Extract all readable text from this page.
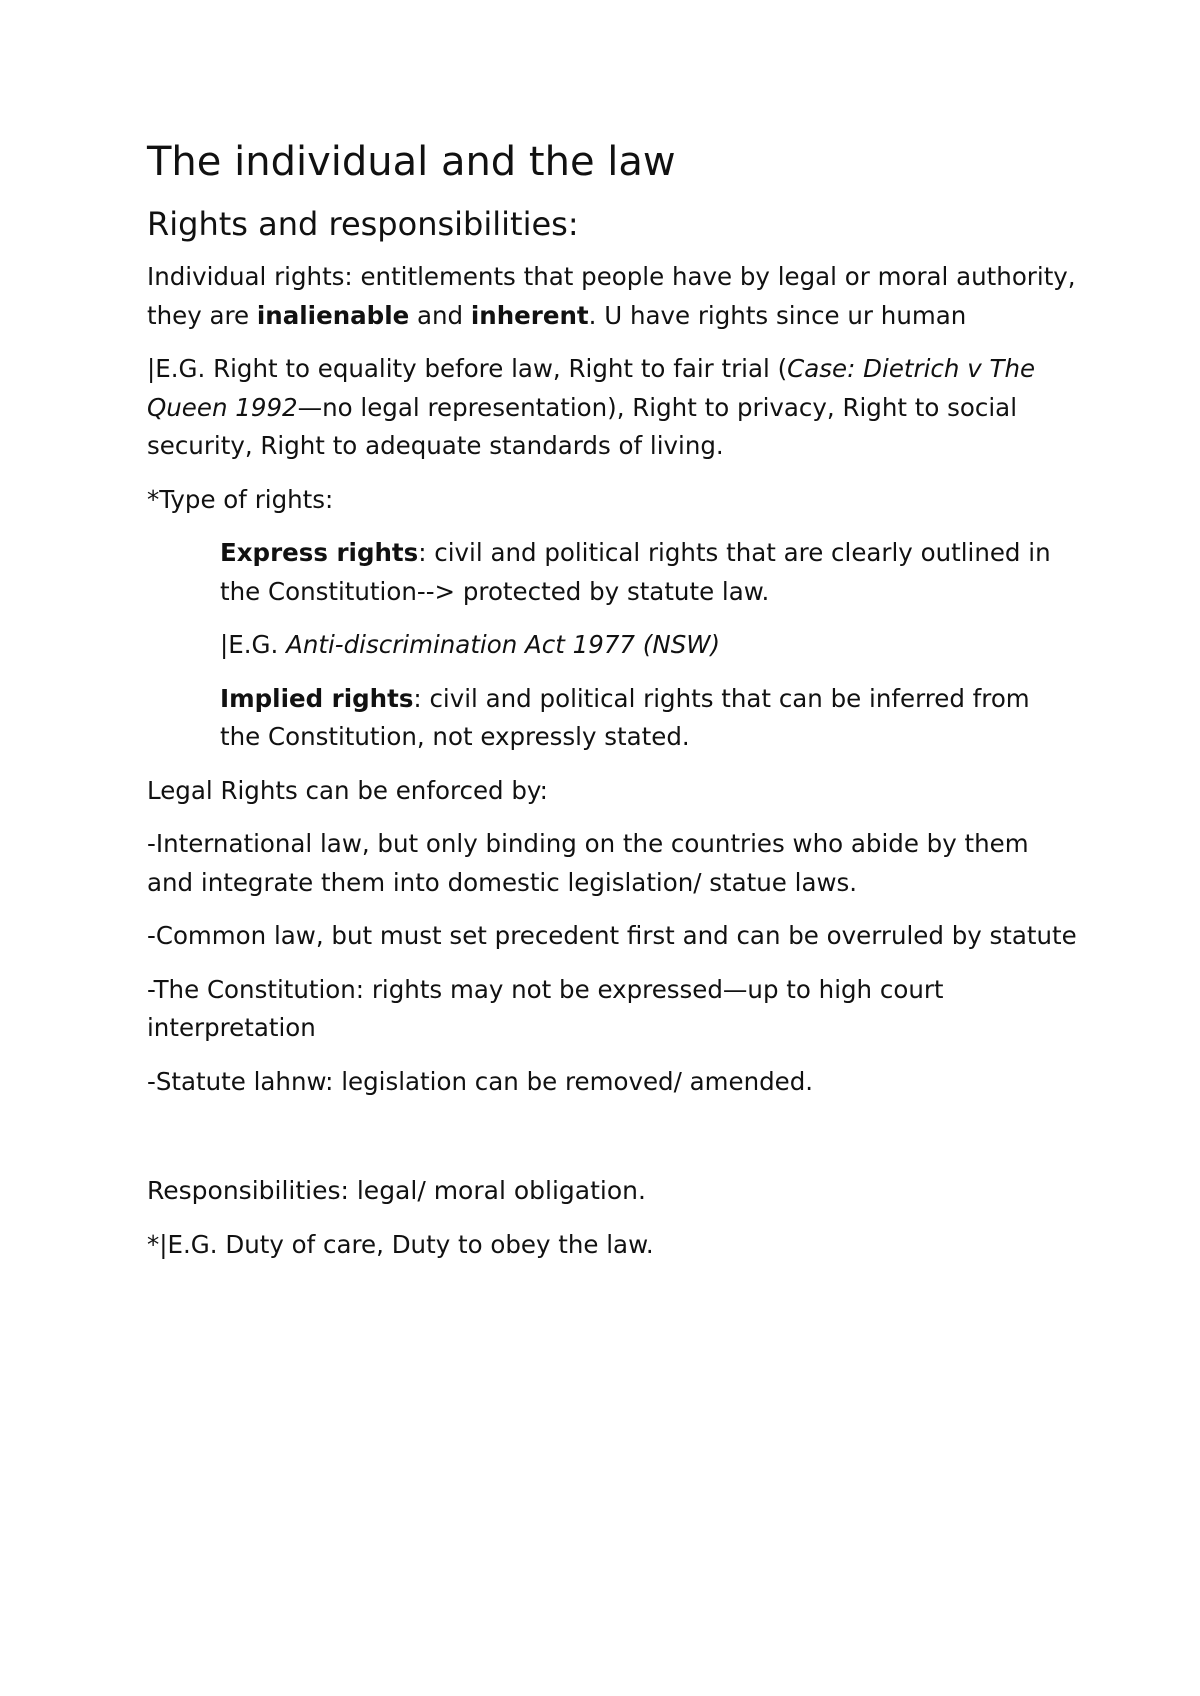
The individual and the law
Rights and responsibilities:

Individual rights: entitlements that people have by legal or moral authority, they are inalienable and inherent. U have rights since ur human

|E.G. Right to equality before law, Right to fair trial (Case: Dietrich v The Queen 1992—no legal representation), Right to privacy, Right to social security, Right to adequate standards of living.

*Type of rights:

Express rights: civil and political rights that are clearly outlined in the Constitution--> protected by statute law.

|E.G. Anti-discrimination Act 1977 (NSW)

Implied rights: civil and political rights that can be inferred from the Constitution, not expressly stated.

Legal Rights can be enforced by:

-International law, but only binding on the countries who abide by them and integrate them into domestic legislation/ statue laws.

-Common law, but must set precedent first and can be overruled by statute

-The Constitution: rights may not be expressed—up to high court interpretation

-Statute lahnw: legislation can be removed/ amended.

Responsibilities: legal/ moral obligation.

*|E.G. Duty of care, Duty to obey the law.
